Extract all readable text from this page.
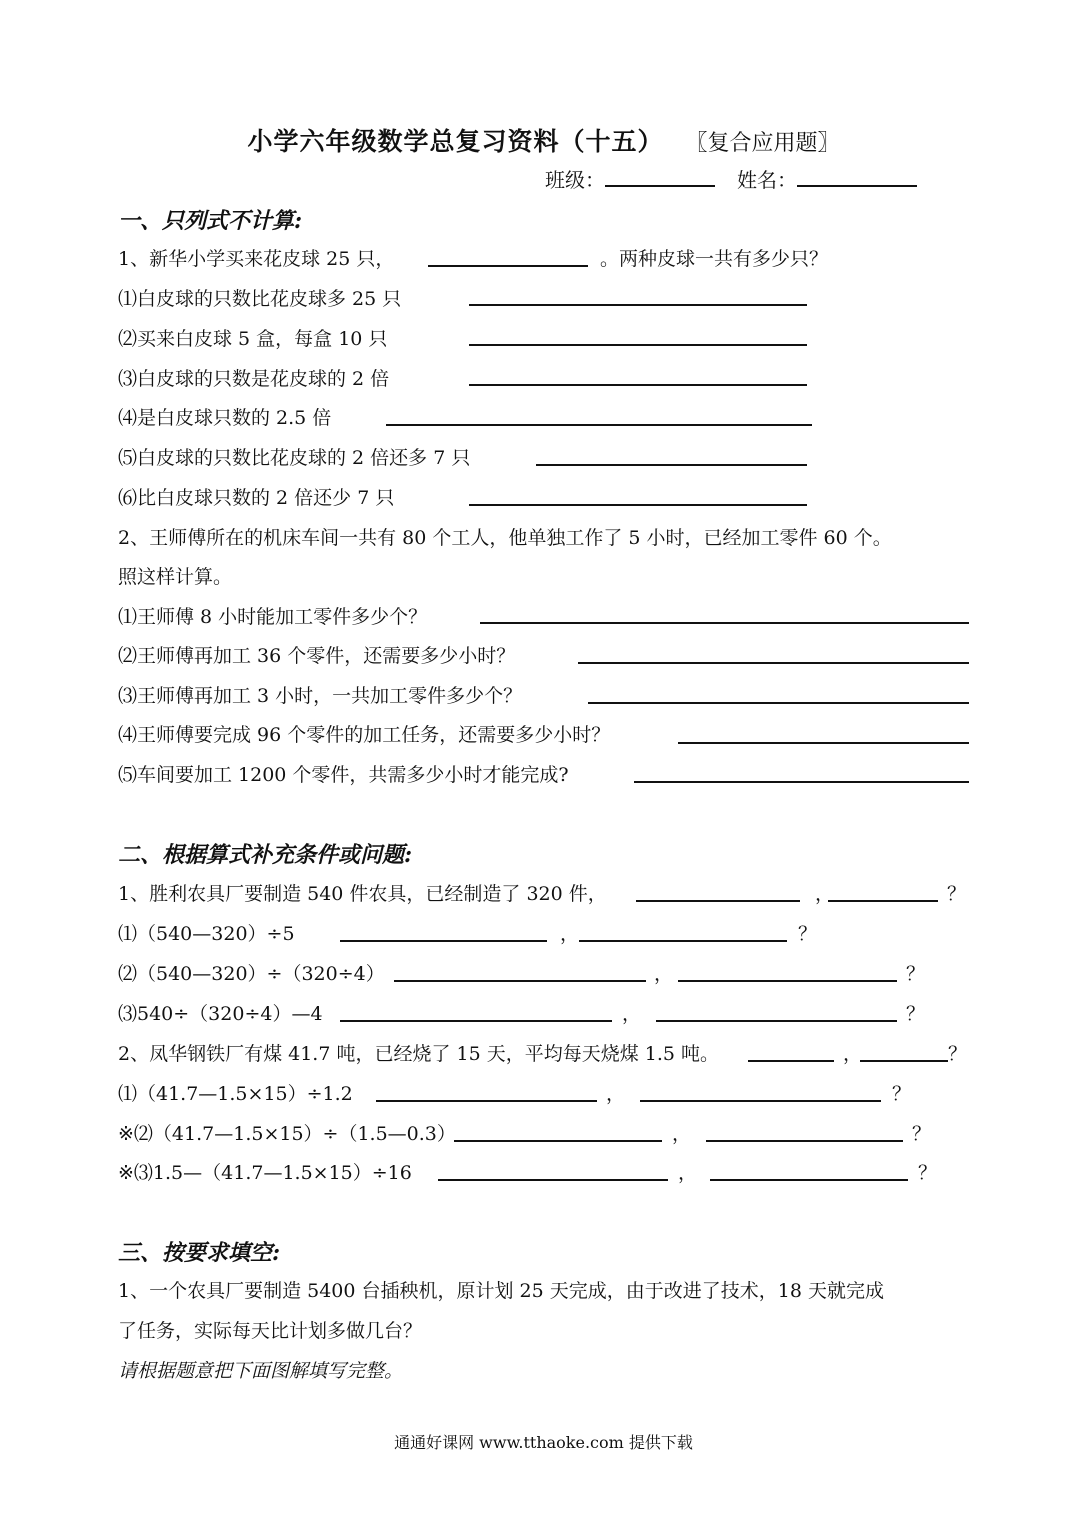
小学六年级数学总复习资料（十五） 〖复合应用题〗
班级：	姓名：
一、只列式不计算:
1、新华小学买来花皮球 25 只，	。两种皮球一共有多少只？
⑴白皮球的只数比花皮球多 25 只
⑵买来白皮球 5 盒，每盒 10 只
⑶白皮球的只数是花皮球的 2 倍
⑷是白皮球只数的 2.5 倍
⑸白皮球的只数比花皮球的 2 倍还多 7 只
⑹比白皮球只数的 2 倍还少 7 只
2、王师傅所在的机床车间一共有 80 个工人，他单独工作了 5 小时，已经加工零件 60 个。
照这样计算。
⑴王师傅 8 小时能加工零件多少个？
⑵王师傅再加工 36 个零件，还需要多少小时？
⑶王师傅再加工 3 小时，一共加工零件多少个？
⑷王师傅要完成 96 个零件的加工任务，还需要多少小时？
⑸车间要加工 1200 个零件，共需多少小时才能完成?
二、根据算式补充条件或问题:
1、胜利农具厂要制造 540 件农具，已经制造了 320 件，	，	？
⑴（540—320）÷5	，	？
⑵（540—320）÷（320÷4）	，	？
⑶540÷（320÷4）—4	，	？
2、凤华钢铁厂有煤 41.7 吨，已经烧了 15 天，平均每天烧煤 1.5 吨。	，	？
⑴（41.7—1.5×15）÷1.2	，	？
※⑵（41.7—1.5×15）÷（1.5—0.3）	，	？
※⑶1.5—（41.7—1.5×15）÷16	，	？
三、按要求填空:
1、一个农具厂要制造 5400 台插秧机，原计划 25 天完成，由于改进了技术，18 天就完成
了任务，实际每天比计划多做几台？
请根据题意把下面图解填写完整。
通通好课网 www.tthaoke.com 提供下载
